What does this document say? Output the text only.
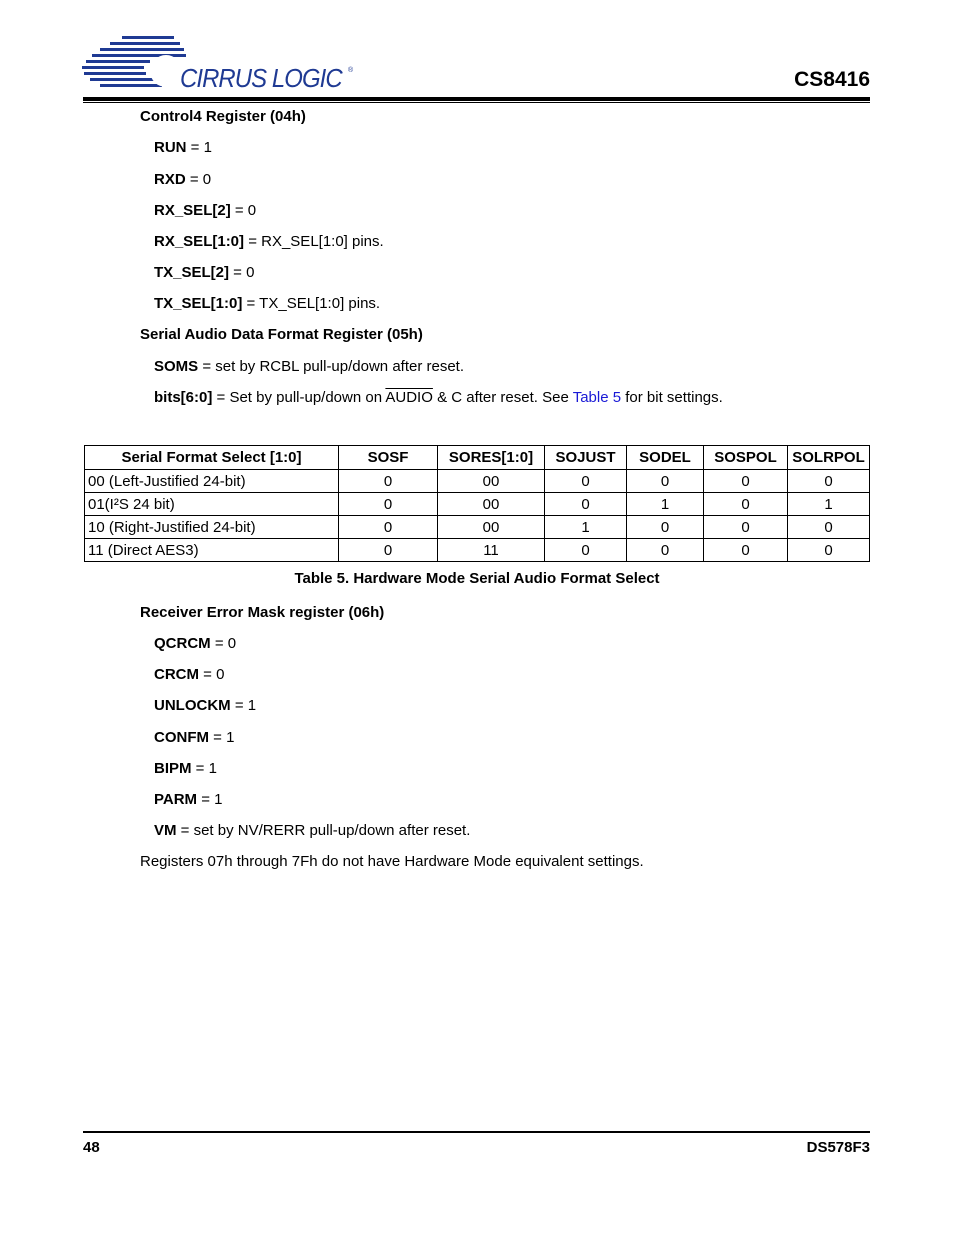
CIRRUS LOGIC ®	CS8416
Control4 Register (04h)
RUN = 1
RXD = 0
RX_SEL[2] = 0
RX_SEL[1:0] = RX_SEL[1:0] pins.
TX_SEL[2] = 0
TX_SEL[1:0] = TX_SEL[1:0] pins.
Serial Audio Data Format Register (05h)
SOMS = set by RCBL pull-up/down after reset.
bits[6:0] = Set by pull-up/down on AUDIO & C after reset. See Table 5 for bit settings.
Serial Format Select [1:0]	SOSF	SORES[1:0]	SOJUST	SODEL	SOSPOL	SOLRPOL
00 (Left-Justified 24-bit)	0	00	0	0	0	0
01(I²S 24 bit)	0	00	0	1	0	1
10 (Right-Justified 24-bit)	0	00	1	0	0	0
11 (Direct AES3)	0	11	0	0	0	0
Table 5. Hardware Mode Serial Audio Format Select
Receiver Error Mask register (06h)
QCRCM = 0
CRCM = 0
UNLOCKM = 1
CONFM = 1
BIPM = 1
PARM = 1
VM = set by NV/RERR pull-up/down after reset.
Registers 07h through 7Fh do not have Hardware Mode equivalent settings.
48	DS578F3
